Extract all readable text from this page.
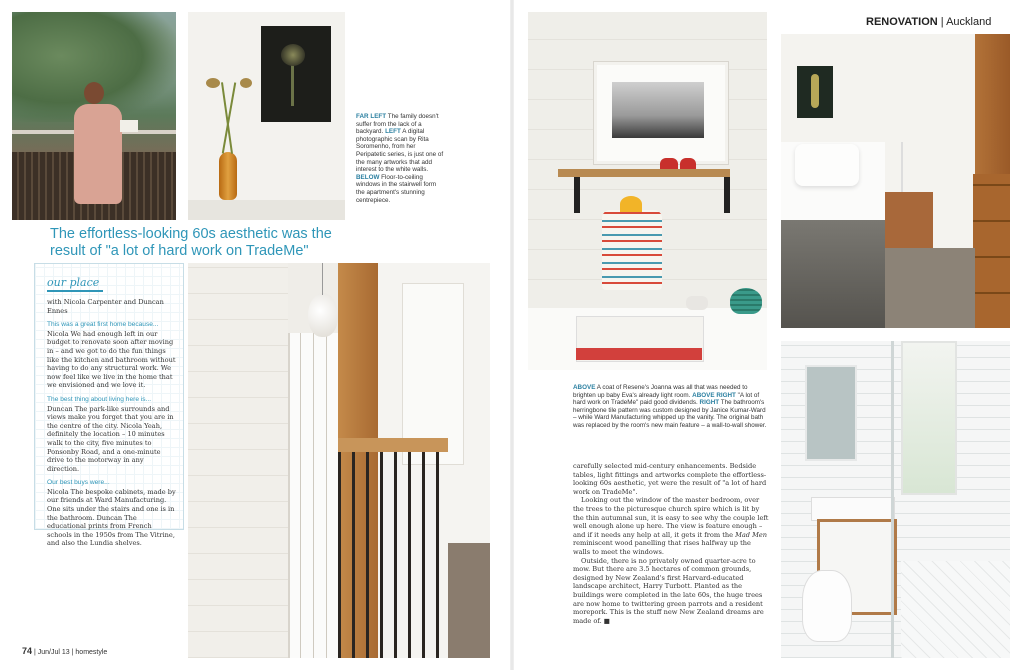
FAR LEFT The family doesn't suffer from the lack of a backyard. LEFT A digital photographic scan by Rita Soromenho, from her Peripatetic series, is just one of the many artworks that add interest to the white walls. BELOW Floor-to-ceiling windows in the stairwell form the apartment's stunning centrepiece.
The effortless-looking 60s aesthetic was the result of "a lot of hard work on TradeMe"
our place
with Nicola Carpenter and Duncan Ennes
This was a great first home because...
Nicola We had enough left in our budget to renovate soon after moving in – and we got to do the fun things like the kitchen and bathroom without having to do any structural work. We now feel like we live in the home that we envisioned and we love it.
The best thing about living here is...
Duncan The park-like surrounds and views make you forget that you are in the centre of the city. Nicola Yeah, definitely the location – 10 minutes walk to the city, five minutes to Ponsonby Road, and a one-minute drive to the motorway in any direction.
Our best buys were...
Nicola The bespoke cabinets, made by our friends at Ward Manufacturing. One sits under the stairs and one is in the bathroom. Duncan The educational prints from French schools in the 1950s from The Vitrine, and also the Lundia shelves.
74 | Jun/Jul 13 | homestyle
RENOVATION | Auckland
ABOVE A coat of Resene's Joanna was all that was needed to brighten up baby Eva's already light room. ABOVE RIGHT "A lot of hard work on TradeMe" paid good dividends. RIGHT The bathroom's herringbone tile pattern was custom designed by Janice Kumar-Ward – while Ward Manufacturing whipped up the vanity. The original bath was replaced by the room's new main feature – a wall-to-wall shower.

carefully selected mid-century enhancements. Bedside tables, light fittings and artworks complete the effortless-looking 60s aesthetic, yet were the result of "a lot of hard work on TradeMe".

Looking out the window of the master bedroom, over the trees to the picturesque church spire which is lit by the thin autumnal sun, it is easy to see why the couple left well enough alone up here. The view is feature enough – and if it needs any help at all, it gets it from the Mad Men reminiscent wood panelling that rises halfway up the walls to meet the windows.

Outside, there is no privately owned quarter-acre to mow. But there are 3.5 hectares of common grounds, designed by New Zealand's first Harvard-educated landscape architect, Harry Turbott. Planted as the buildings were completed in the late 60s, the huge trees are now home to twittering green parrots and a resident morepork. This is the stuff new New Zealand dreams are made of. ■
